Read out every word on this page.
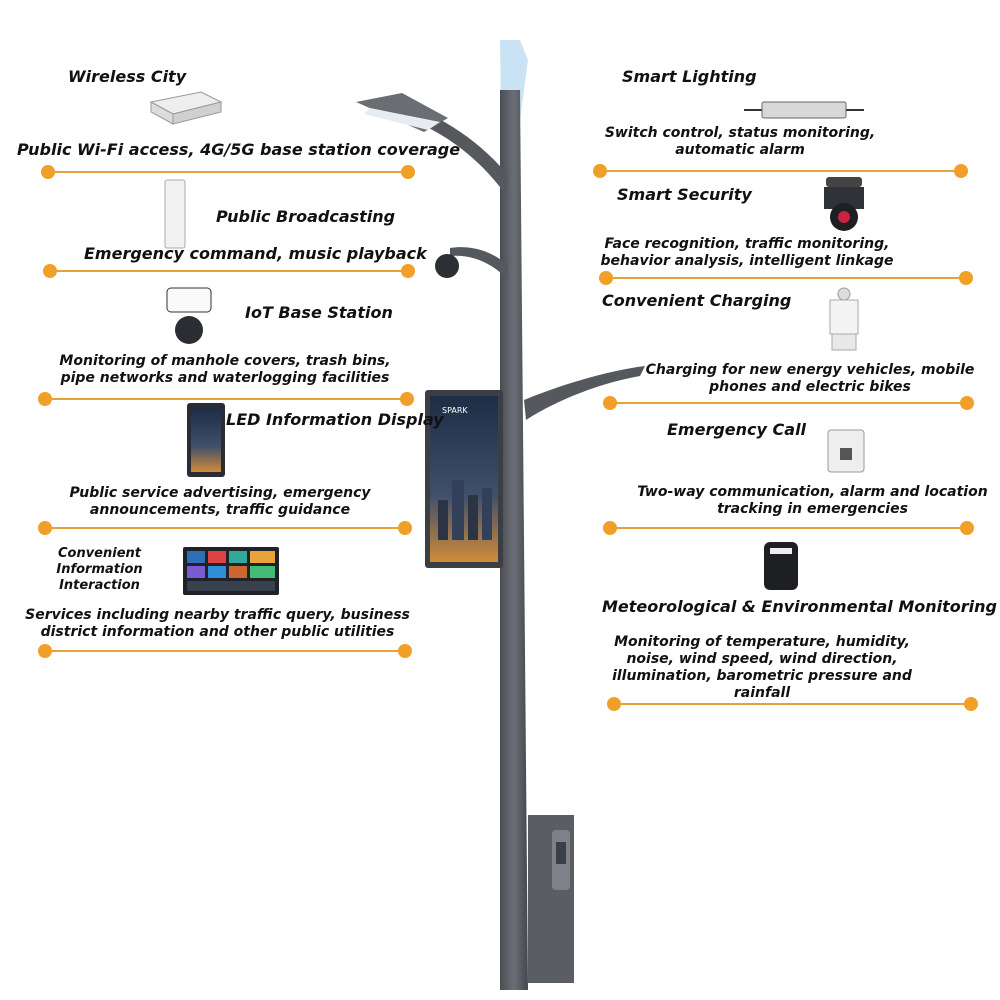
SPARK
Wireless City
Public Wi-Fi access, 4G/5G base station coverage
Public Broadcasting
Emergency command, music playback
IoT Base Station
Monitoring of manhole covers, trash bins, pipe networks and waterlogging facilities
LED Information Display
Public service advertising, emergency announcements, traffic guidance
Convenient Information Interaction
Services including nearby traffic query, business district information and other public utilities
Smart Lighting
Switch control, status monitoring, automatic alarm
Smart Security
Face recognition, traffic monitoring, behavior analysis, intelligent linkage
Convenient Charging
Charging for new energy vehicles, mobile phones and electric bikes
Emergency Call
Two-way communication, alarm and location tracking in emergencies
Meteorological & Environmental Monitoring
Monitoring of temperature, humidity, noise, wind speed, wind direction, illumination, barometric pressure and rainfall
